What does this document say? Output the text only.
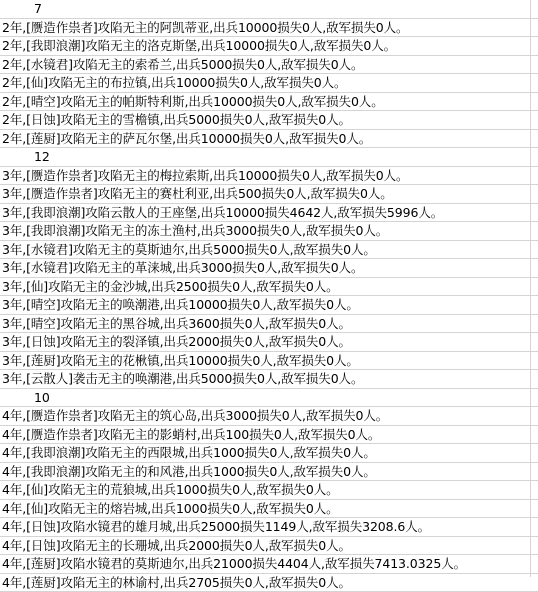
7
2年,[赝造作祟者]攻陷无主的阿凯蒂亚,出兵10000损失0人,敌军损失0人。
2年,[我即浪潮]攻陷无主的洛克斯堡,出兵10000损失0人,敌军损失0人。
2年,[水镜君]攻陷无主的索希兰,出兵5000损失0人,敌军损失0人。
2年,[仙]攻陷无主的布拉镇,出兵10000损失0人,敌军损失0人。
2年,[晴空]攻陷无主的帕斯特利斯,出兵10000损失0人,敌军损失0人。
2年,[日蚀]攻陷无主的雪檐镇,出兵5000损失0人,敌军损失0人。
2年,[莲厨]攻陷无主的萨瓦尔堡,出兵10000损失0人,敌军损失0人。
12
3年,[赝造作祟者]攻陷无主的梅拉索斯,出兵10000损失0人,敌军损失0人。
3年,[赝造作祟者]攻陷无主的赛杜利亚,出兵500损失0人,敌军损失0人。
3年,[我即浪潮]攻陷云散人的王座堡,出兵10000损失4642人,敌军损失5996人。
3年,[我即浪潮]攻陷无主的冻土渔村,出兵3000损失0人,敌军损失0人。
3年,[水镜君]攻陷无主的莫斯迪尔,出兵5000损失0人,敌军损失0人。
3年,[水镜君]攻陷无主的革涞城,出兵3000损失0人,敌军损失0人。
3年,[仙]攻陷无主的金沙城,出兵2500损失0人,敌军损失0人。
3年,[晴空]攻陷无主的唤潮港,出兵10000损失0人,敌军损失0人。
3年,[晴空]攻陷无主的黑谷城,出兵3600损失0人,敌军损失0人。
3年,[日蚀]攻陷无主的裂泽镇,出兵2000损失0人,敌军损失0人。
3年,[莲厨]攻陷无主的花楸镇,出兵10000损失0人,敌军损失0人。
3年,[云散人]袭击无主的唤潮港,出兵5000损失0人,敌军损失0人。
10
4年,[赝造作祟者]攻陷无主的筑心岛,出兵3000损失0人,敌军损失0人。
4年,[赝造作祟者]攻陷无主的影蛸村,出兵100损失0人,敌军损失0人。
4年,[我即浪潮]攻陷无主的西限城,出兵1000损失0人,敌军损失0人。
4年,[我即浪潮]攻陷无主的和风港,出兵1000损失0人,敌军损失0人。
4年,[仙]攻陷无主的荒狼城,出兵1000损失0人,敌军损失0人。
4年,[仙]攻陷无主的熔岩城,出兵1000损失0人,敌军损失0人。
4年,[日蚀]攻陷水镜君的雄月城,出兵25000损失1149人,敌军损失3208.6人。
4年,[日蚀]攻陷无主的长珊城,出兵2000损失0人,敌军损失0人。
4年,[莲厨]攻陷水镜君的莫斯迪尔,出兵21000损失4404人,敌军损失7413.0325人。
4年,[莲厨]攻陷无主的林谕村,出兵2705损失0人,敌军损失0人。
